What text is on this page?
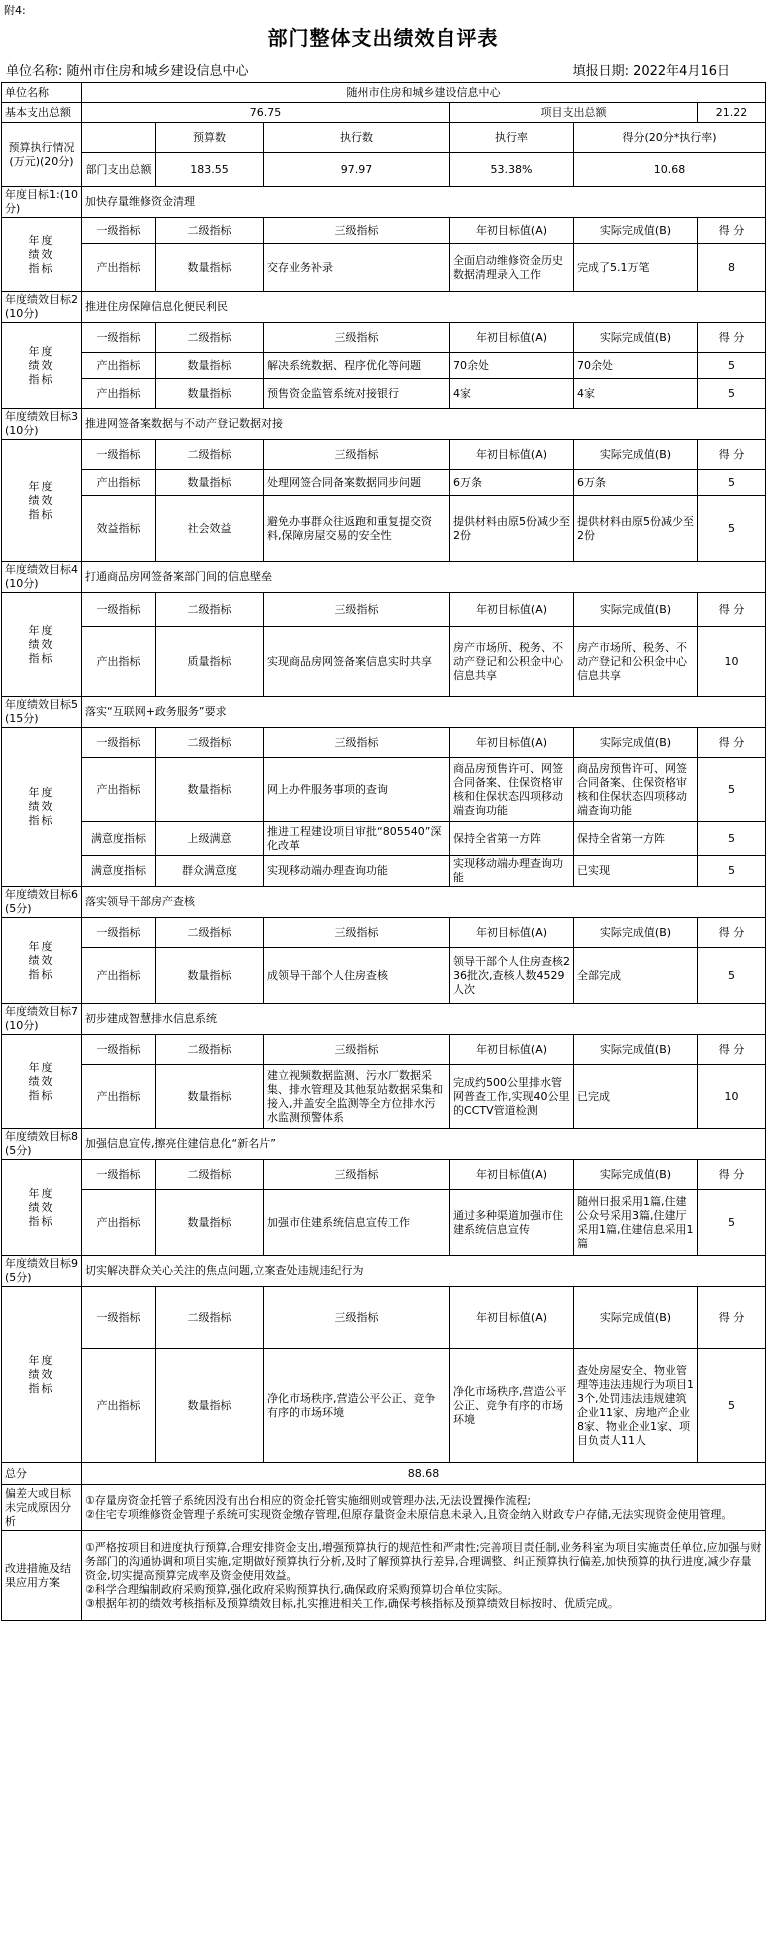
附4:
部门整体支出绩效自评表
单位名称: 随州市住房和城乡建设信息中心	填报日期: 2022年4月16日
单位名称	随州市住房和城乡建设信息中心					
基本支出总额	76.75			项目支出总额		21.22
预算执行情况(万元)(20分)		预算数	执行数	执行率	得分(20分*执行率)	
	部门支出总额	183.55	97.97	53.38%	10.68	
年度目标1:(10分)	加快存量维修资金清理					

年度
绩效
指标	一级指标	二级指标	三级指标	年初目标值(A)	实际完成值(B)	得 分
	产出指标	数量指标	交存业务补录	全面启动维修资金历史数据清理录入工作	完成了5.1万笔	8
年度绩效目标2(10分)	推进住房保障信息化便民利民					

年度
绩效
指标	一级指标	二级指标	三级指标	年初目标值(A)	实际完成值(B)	得 分
	产出指标	数量指标	解决系统数据、程序优化等问题	70余处	70余处	5
	产出指标	数量指标	预售资金监管系统对接银行	4家	4家	5
年度绩效目标3(10分)	推进网签备案数据与不动产登记数据对接					

年度
绩效
指标	一级指标	二级指标	三级指标	年初目标值(A)	实际完成值(B)	得 分
	产出指标	数量指标	处理网签合同备案数据同步问题	6万条	6万条	5
	效益指标	社会效益	避免办事群众往返跑和重复提交资料,保障房屋交易的安全性	提供材料由原5份减少至2份	提供材料由原5份减少至2份	5
年度绩效目标4(10分)	打通商品房网签备案部门间的信息壁垒					

年度
绩效
指标	一级指标	二级指标	三级指标	年初目标值(A)	实际完成值(B)	得 分
	产出指标	质量指标	实现商品房网签备案信息实时共享	房产市场所、税务、不动产登记和公积金中心信息共享	房产市场所、税务、不动产登记和公积金中心信息共享	10
年度绩效目标5(15分)	落实“互联网+政务服务”要求					

年度
绩效
指标	一级指标	二级指标	三级指标	年初目标值(A)	实际完成值(B)	得 分
	产出指标	数量指标	网上办件服务事项的查询	商品房预售许可、网签合同备案、住保资格审核和住保状态四项移动端查询功能	商品房预售许可、网签合同备案、住保资格审核和住保状态四项移动端查询功能	5
	满意度指标	上级满意	推进工程建设项目审批“805540”深化改革	保持全省第一方阵	保持全省第一方阵	5
	满意度指标	群众满意度	实现移动端办理查询功能	实现移动端办理查询功能	已实现	5
年度绩效目标6(5分)	落实领导干部房产查核					

年度
绩效
指标	一级指标	二级指标	三级指标	年初目标值(A)	实际完成值(B)	得 分
	产出指标	数量指标	成领导干部个人住房查核	领导干部个人住房查核236批次,查核人数4529人次	全部完成	5
年度绩效目标7(10分)	初步建成智慧排水信息系统					

年度
绩效
指标	一级指标	二级指标	三级指标	年初目标值(A)	实际完成值(B)	得 分
	产出指标	数量指标	建立视频数据监测、污水厂数据采集、排水管理及其他泵站数据采集和接入,并盖安全监测等全方位排水污水监测预警体系	完成约500公里排水管网普查工作,实现40公里的CCTV管道检测	已完成	10
年度绩效目标8(5分)	加强信息宣传,擦亮住建信息化“新名片”					

年度
绩效
指标	一级指标	二级指标	三级指标	年初目标值(A)	实际完成值(B)	得 分
	产出指标	数量指标	加强市住建系统信息宣传工作	通过多种渠道加强市住建系统信息宣传	随州日报采用1篇,住建公众号采用3篇,住建厅采用1篇,住建信息采用1篇	5
年度绩效目标9(5分)	切实解决群众关心关注的焦点问题,立案查处违规违纪行为					

年度
绩效
指标	一级指标	二级指标	三级指标	年初目标值(A)	实际完成值(B)	得 分
	产出指标	数量指标	净化市场秩序,营造公平公正、竞争有序的市场环境	净化市场秩序,营造公平公正、竞争有序的市场环境	查处房屋安全、物业管理等违法违规行为项目13个,处罚违法违规建筑企业11家、房地产企业8家、物业企业1家、项目负责人11人	5
总分	88.68					
偏差大或目标未完成原因分析	①存量房资金托管子系统因没有出台相应的资金托管实施细则或管理办法,无法设置操作流程;
②住宅专项维修资金管理子系统可实现资金缴存管理,但原存量资金未原信息未录入,且资金纳入财政专户存储,无法实现资金使用管理。					

改进措施及结果应用方案	①严格按项目和进度执行预算,合理安排资金支出,增强预算执行的规范性和严肃性;完善项目责任制,业务科室为项目实施责任单位,应加强与财务部门的沟通协调和项目实施,定期做好预算执行分析,及时了解预算执行差异,合理调整、纠正预算执行偏差,加快预算的执行进度,减少存量资金,切实提高预算完成率及资金使用效益。
②科学合理编制政府采购预算,强化政府采购预算执行,确保政府采购预算切合单位实际。
③根据年初的绩效考核指标及预算绩效目标,扎实推进相关工作,确保考核指标及预算绩效目标按时、优质完成。					
